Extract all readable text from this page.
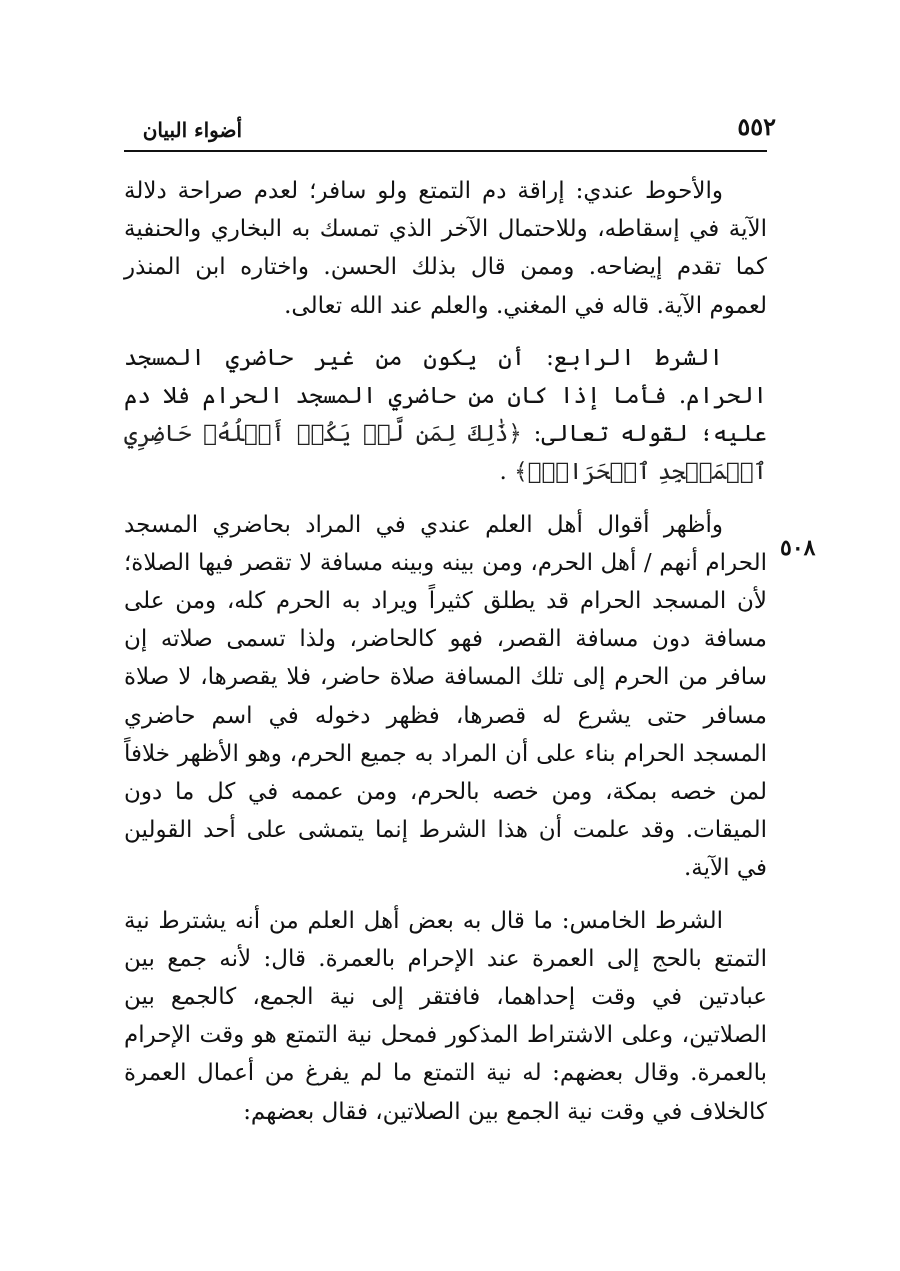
أضواء البيان	٥٥٢
٥٠٨

والأحوط عندي: إراقة دم التمتع ولو سافر؛ لعدم صراحة دلالة الآية في إسقاطه، وللاحتمال الآخر الذي تمسك به البخاري والحنفية كما تقدم إيضاحه. وممن قال بذلك الحسن. واختاره ابن المنذر لعموم الآية. قاله في المغني. والعلم عند الله تعالى.

الشرط الرابع: أن يكون من غير حاضري المسجد الحرام. فأما إذا كان من حاضري المسجد الحرام فلا دم عليه؛ لقوله تعالى: ﴿ذَٰلِكَ لِمَن لَّمۡ يَكُنۡ أَهۡلُهُۥ حَاضِرِي ٱلۡمَسۡجِدِ ٱلۡحَرَامِۚ﴾ .

وأظهر أقوال أهل العلم عندي في المراد بحاضري المسجد الحرام أنهم / أهل الحرم، ومن بينه وبينه مسافة لا تقصر فيها الصلاة؛ لأن المسجد الحرام قد يطلق كثيراً ويراد به الحرم كله، ومن على مسافة دون مسافة القصر، فهو كالحاضر، ولذا تسمى صلاته إن سافر من الحرم إلى تلك المسافة صلاة حاضر، فلا يقصرها، لا صلاة مسافر حتى يشرع له قصرها، فظهر دخوله في اسم حاضري المسجد الحرام بناء على أن المراد به جميع الحرم، وهو الأظهر خلافاً لمن خصه بمكة، ومن خصه بالحرم، ومن عممه في كل ما دون الميقات. وقد علمت أن هذا الشرط إنما يتمشى على أحد القولين في الآية.

الشرط الخامس: ما قال به بعض أهل العلم من أنه يشترط نية التمتع بالحج إلى العمرة عند الإحرام بالعمرة. قال: لأنه جمع بين عبادتين في وقت إحداهما، فافتقر إلى نية الجمع، كالجمع بين الصلاتين، وعلى الاشتراط المذكور فمحل نية التمتع هو وقت الإحرام بالعمرة. وقال بعضهم: له نية التمتع ما لم يفرغ من أعمال العمرة كالخلاف في وقت نية الجمع بين الصلاتين، فقال بعضهم:
